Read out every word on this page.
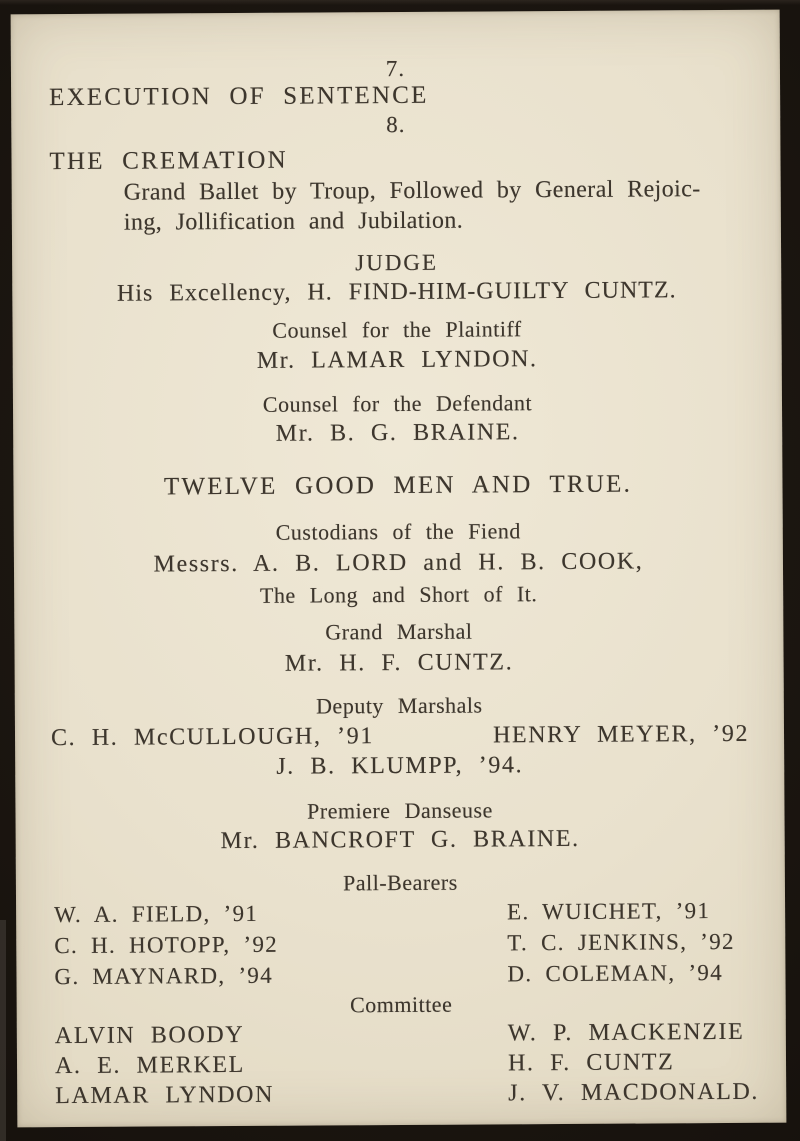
7.
EXECUTION OF SENTENCE
8.
THE CREMATION
Grand Ballet by Troup, Followed by General Rejoic-
ing, Jollification and Jubilation.
JUDGE
His Excellency, H. FIND-HIM-GUILTY CUNTZ.
Counsel for the Plaintiff
Mr. LAMAR LYNDON.
Counsel for the Defendant
Mr. B. G. BRAINE.
TWELVE GOOD MEN AND TRUE.
Custodians of the Fiend
Messrs. A. B. LORD and H. B. COOK,
The Long and Short of It.
Grand Marshal
Mr. H. F. CUNTZ.
Deputy Marshals
C. H. McCULLOUGH, ’91	HENRY MEYER, ’92
J. B. KLUMPP, ’94.
Premiere Danseuse
Mr. BANCROFT G. BRAINE.
Pall-Bearers
W. A. FIELD, ’91	E. WUICHET, ’91
C. H. HOTOPP, ’92	T. C. JENKINS, ’92
G. MAYNARD, ’94	D. COLEMAN, ’94
Committee
ALVIN BOODY	W. P. MACKENZIE
A. E. MERKEL	H. F. CUNTZ
LAMAR LYNDON	J. V. MACDONALD.
